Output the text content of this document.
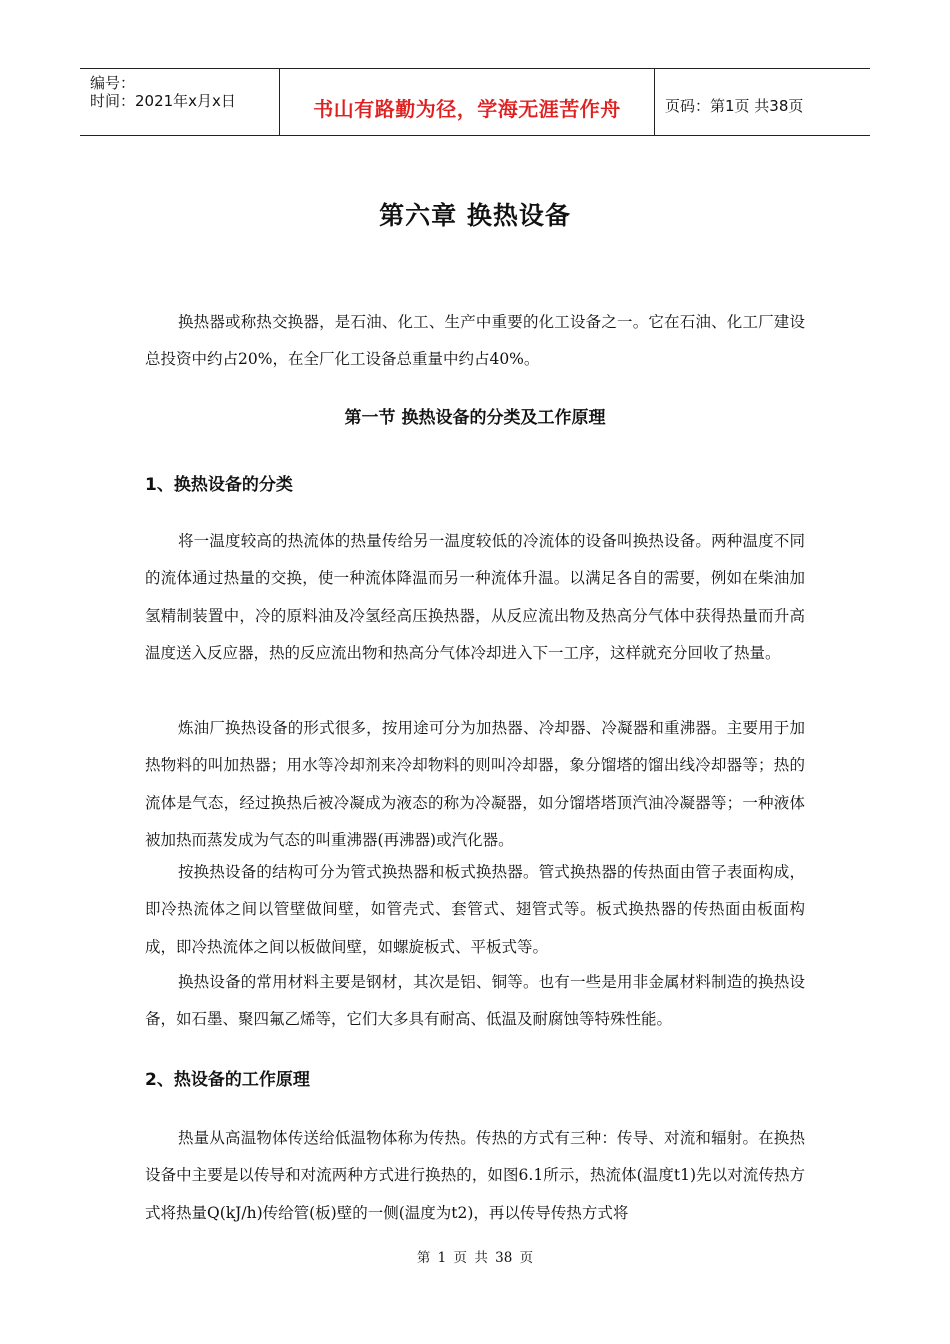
编号：
时间：2021年x月x日	书山有路勤为径，学海无涯苦作舟	页码：第1页 共38页
第六章 换热设备

换热器或称热交换器，是石油、化工、生产中重要的化工设备之一。它在石油、化工厂建设总投资中约占20%，在全厂化工设备总重量中约占40%。

第一节 换热设备的分类及工作原理
1、换热设备的分类

将一温度较高的热流体的热量传给另一温度较低的冷流体的设备叫换热设备。两种温度不同的流体通过热量的交换，使一种流体降温而另一种流体升温。以满足各自的需要，例如在柴油加氢精制装置中，冷的原料油及冷氢经高压换热器，从反应流出物及热高分气体中获得热量而升高温度送入反应器，热的反应流出物和热高分气体冷却进入下一工序，这样就充分回收了热量。

炼油厂换热设备的形式很多，按用途可分为加热器、冷却器、冷凝器和重沸器。主要用于加热物料的叫加热器；用水等冷却剂来冷却物料的则叫冷却器，象分馏塔的馏出线冷却器等；热的流体是气态，经过换热后被冷凝成为液态的称为冷凝器，如分馏塔塔顶汽油冷凝器等；一种液体被加热而蒸发成为气态的叫重沸器(再沸器)或汽化器。

按换热设备的结构可分为管式换热器和板式换热器。管式换热器的传热面由管子表面构成，即冷热流体之间以管壁做间壁，如管壳式、套管式、翅管式等。板式换热器的传热面由板面构成，即冷热流体之间以板做间壁，如螺旋板式、平板式等。

换热设备的常用材料主要是钢材，其次是铝、铜等。也有一些是用非金属材料制造的换热设备，如石墨、聚四氟乙烯等，它们大多具有耐高、低温及耐腐蚀等特殊性能。

2、热设备的工作原理

热量从高温物体传送给低温物体称为传热。传热的方式有三种：传导、对流和辐射。在换热设备中主要是以传导和对流两种方式进行换热的，如图6.1所示，热流体(温度t1)先以对流传热方式将热量Q(kJ/h)传给管(板)壁的一侧(温度为t2)，再以传导传热方式将

第 1 页 共 38 页
